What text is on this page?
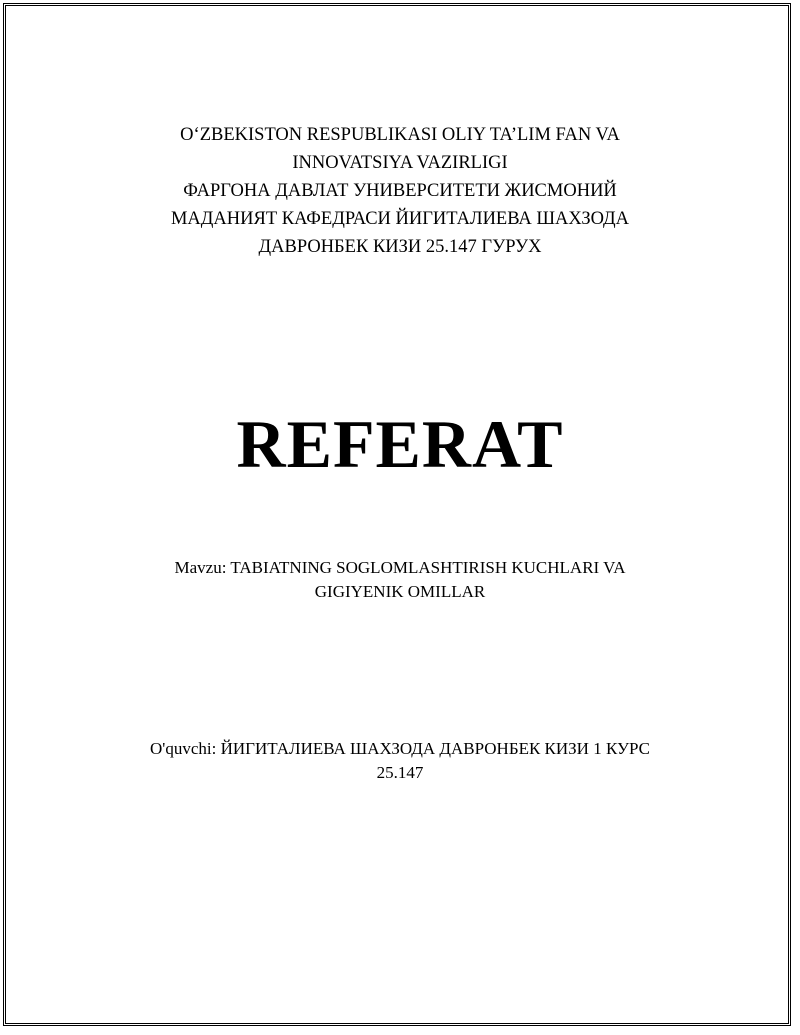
O‘ZBEKISTON RESPUBLIKASI OLIY TA’LIM FAN VA
INNOVATSIYA VAZIRLIGI
ФАРГОНА ДАВЛАТ УНИВЕРСИТЕТИ ЖИСМОНИЙ
МАДАНИЯТ КАФЕДРАСИ ЙИГИТАЛИЕВА ШАХЗОДА
ДАВРОНБЕК КИЗИ 25.147 ГУРУХ
REFERAT
Mavzu: TABIATNING SOGLOMLASHTIRISH KUCHLARI VA
GIGIYENIK OMILLAR
O'quvchi: ЙИГИТАЛИЕВА ШАХЗОДА ДАВРОНБЕК КИЗИ 1 КУРС
25.147
